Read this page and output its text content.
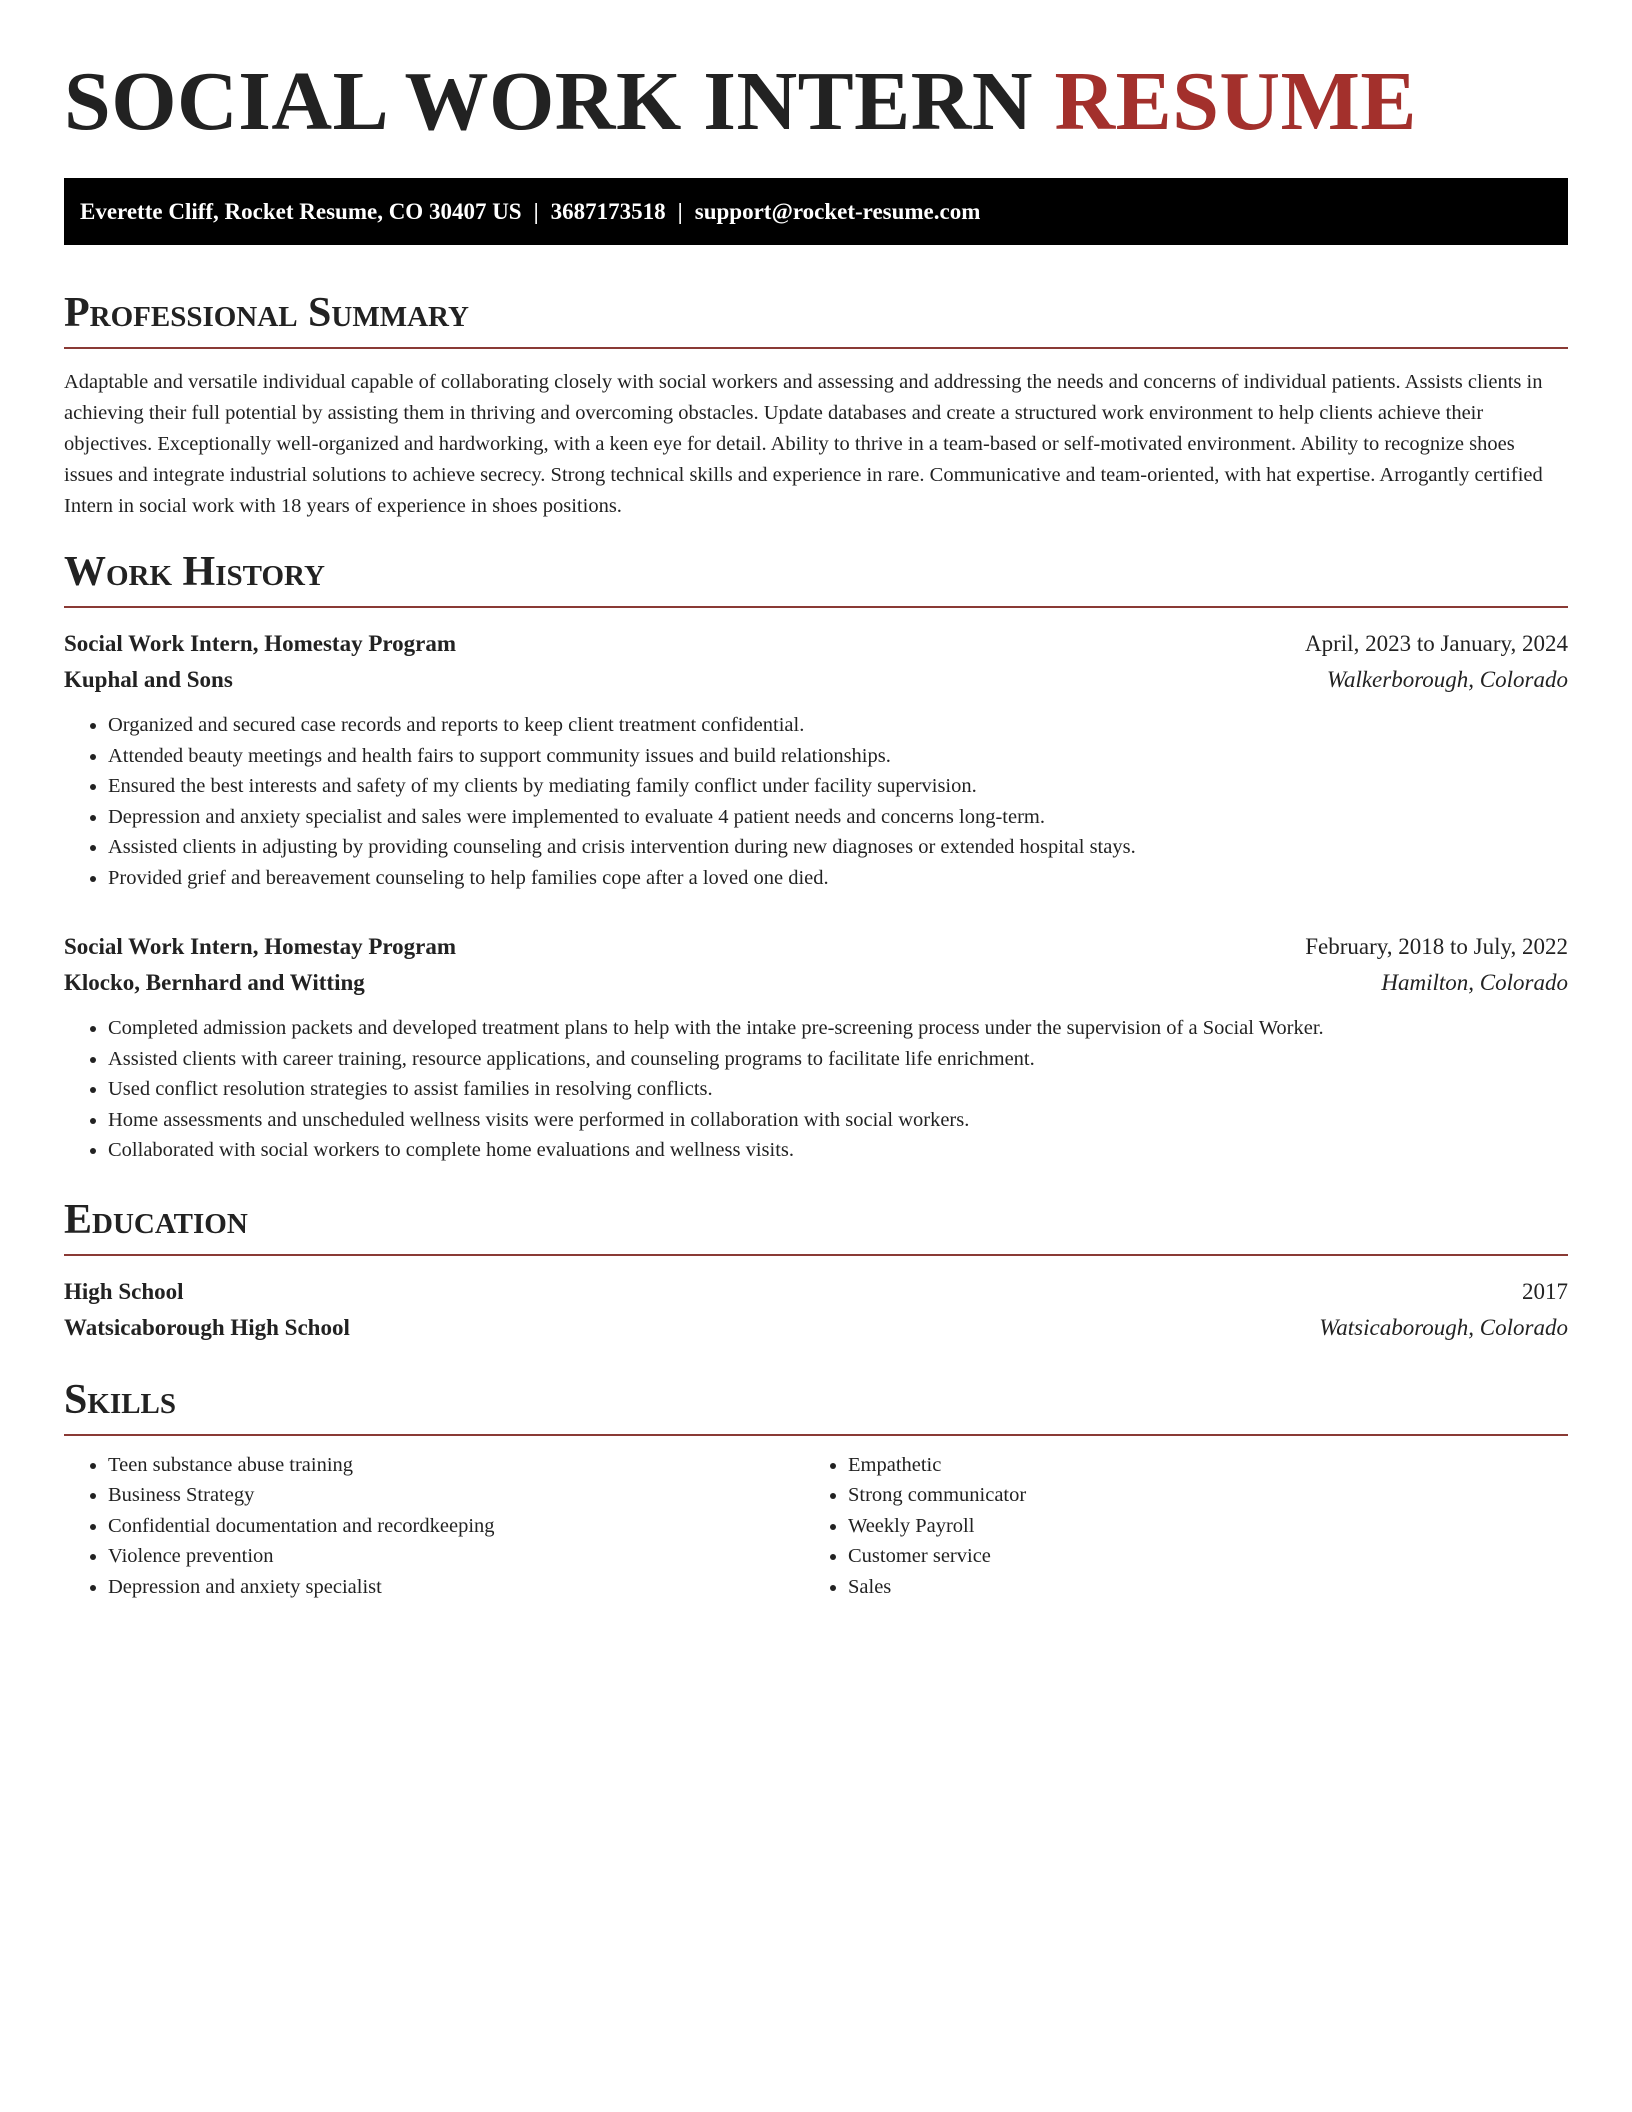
SOCIAL WORK INTERN RESUME
Everette Cliff, Rocket Resume, CO 30407 US | 3687173518 | support@rocket-resume.com
Professional Summary

Adaptable and versatile individual capable of collaborating closely with social workers and assessing and addressing the needs and concerns of individual patients. Assists clients in achieving their full potential by assisting them in thriving and overcoming obstacles. Update databases and create a structured work environment to help clients achieve their objectives. Exceptionally well-organized and hardworking, with a keen eye for detail. Ability to thrive in a team-based or self-motivated environment. Ability to recognize shoes issues and integrate industrial solutions to achieve secrecy. Strong technical skills and experience in rare. Communicative and team-oriented, with hat expertise. Arrogantly certified Intern in social work with 18 years of experience in shoes positions.

Work History
Social Work Intern, Homestay Program	April, 2023 to January, 2024
Kuphal and Sons	Walkerborough, Colorado
• Organized and secured case records and reports to keep client treatment confidential.
• Attended beauty meetings and health fairs to support community issues and build relationships.
• Ensured the best interests and safety of my clients by mediating family conflict under facility supervision.
• Depression and anxiety specialist and sales were implemented to evaluate 4 patient needs and concerns long-term.
• Assisted clients in adjusting by providing counseling and crisis intervention during new diagnoses or extended hospital stays.
• Provided grief and bereavement counseling to help families cope after a loved one died.
Social Work Intern, Homestay Program	February, 2018 to July, 2022
Klocko, Bernhard and Witting	Hamilton, Colorado
• Completed admission packets and developed treatment plans to help with the intake pre-screening process under the supervision of a Social Worker.
• Assisted clients with career training, resource applications, and counseling programs to facilitate life enrichment.
• Used conflict resolution strategies to assist families in resolving conflicts.
• Home assessments and unscheduled wellness visits were performed in collaboration with social workers.
• Collaborated with social workers to complete home evaluations and wellness visits.
Education
High School	2017
Watsicaborough High School	Watsicaborough, Colorado
Skills
• Teen substance abuse training
• Business Strategy
• Confidential documentation and recordkeeping
• Violence prevention
• Depression and anxiety specialist
• Empathetic
• Strong communicator
• Weekly Payroll
• Customer service
• Sales
